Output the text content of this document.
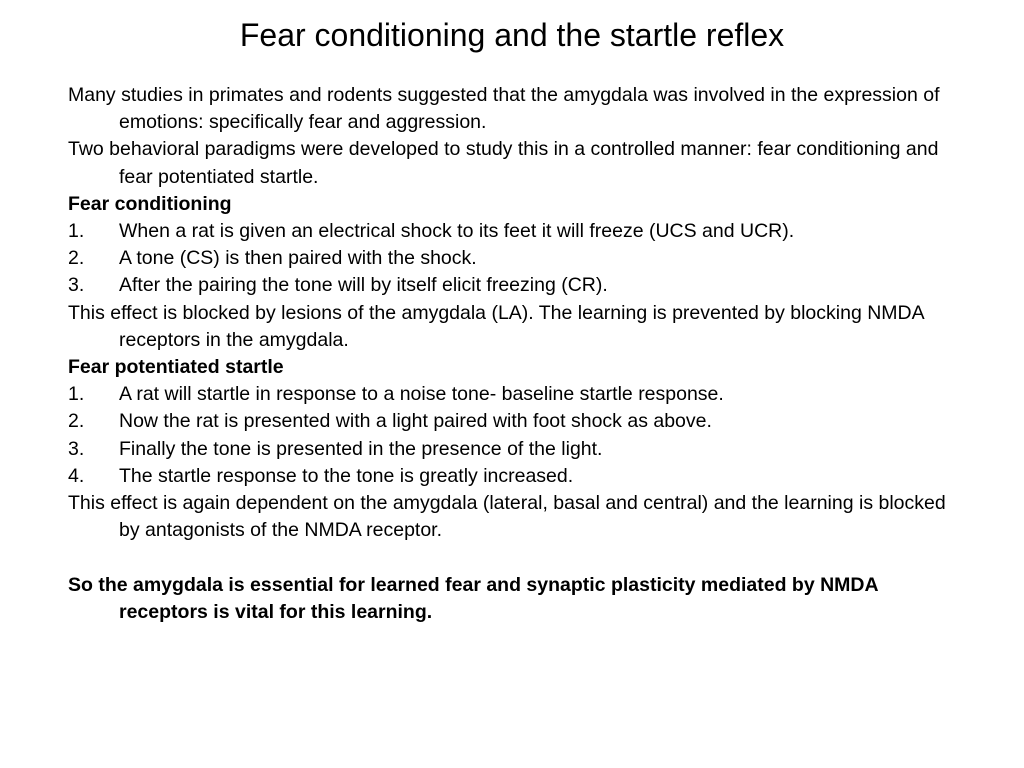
Fear conditioning and the startle reflex

Many studies in primates and rodents suggested that the amygdala was involved in the expression of emotions: specifically fear and aggression.

Two behavioral paradigms were developed to study this in a controlled manner: fear conditioning and fear potentiated startle.

Fear conditioning

1.	When a rat is given an electrical shock to its feet it will freeze (UCS and UCR).
2.	A tone (CS) is then paired with the shock.
3.	After the pairing the tone will by itself elicit freezing (CR).

This effect is blocked by lesions of the amygdala (LA). The learning is prevented by blocking NMDA receptors in the amygdala.

Fear potentiated startle

1.	A rat will startle in response to a noise tone- baseline startle response.
2.	Now the rat is presented with a light paired with foot shock as above.
3.	Finally the tone is presented in the presence of the light.
4.	The startle response to the tone is greatly increased.

This effect is again dependent on the amygdala (lateral, basal and central) and the learning is blocked by antagonists of the NMDA receptor.

So the amygdala is essential for learned fear and synaptic plasticity mediated by NMDA receptors is vital for this learning.
